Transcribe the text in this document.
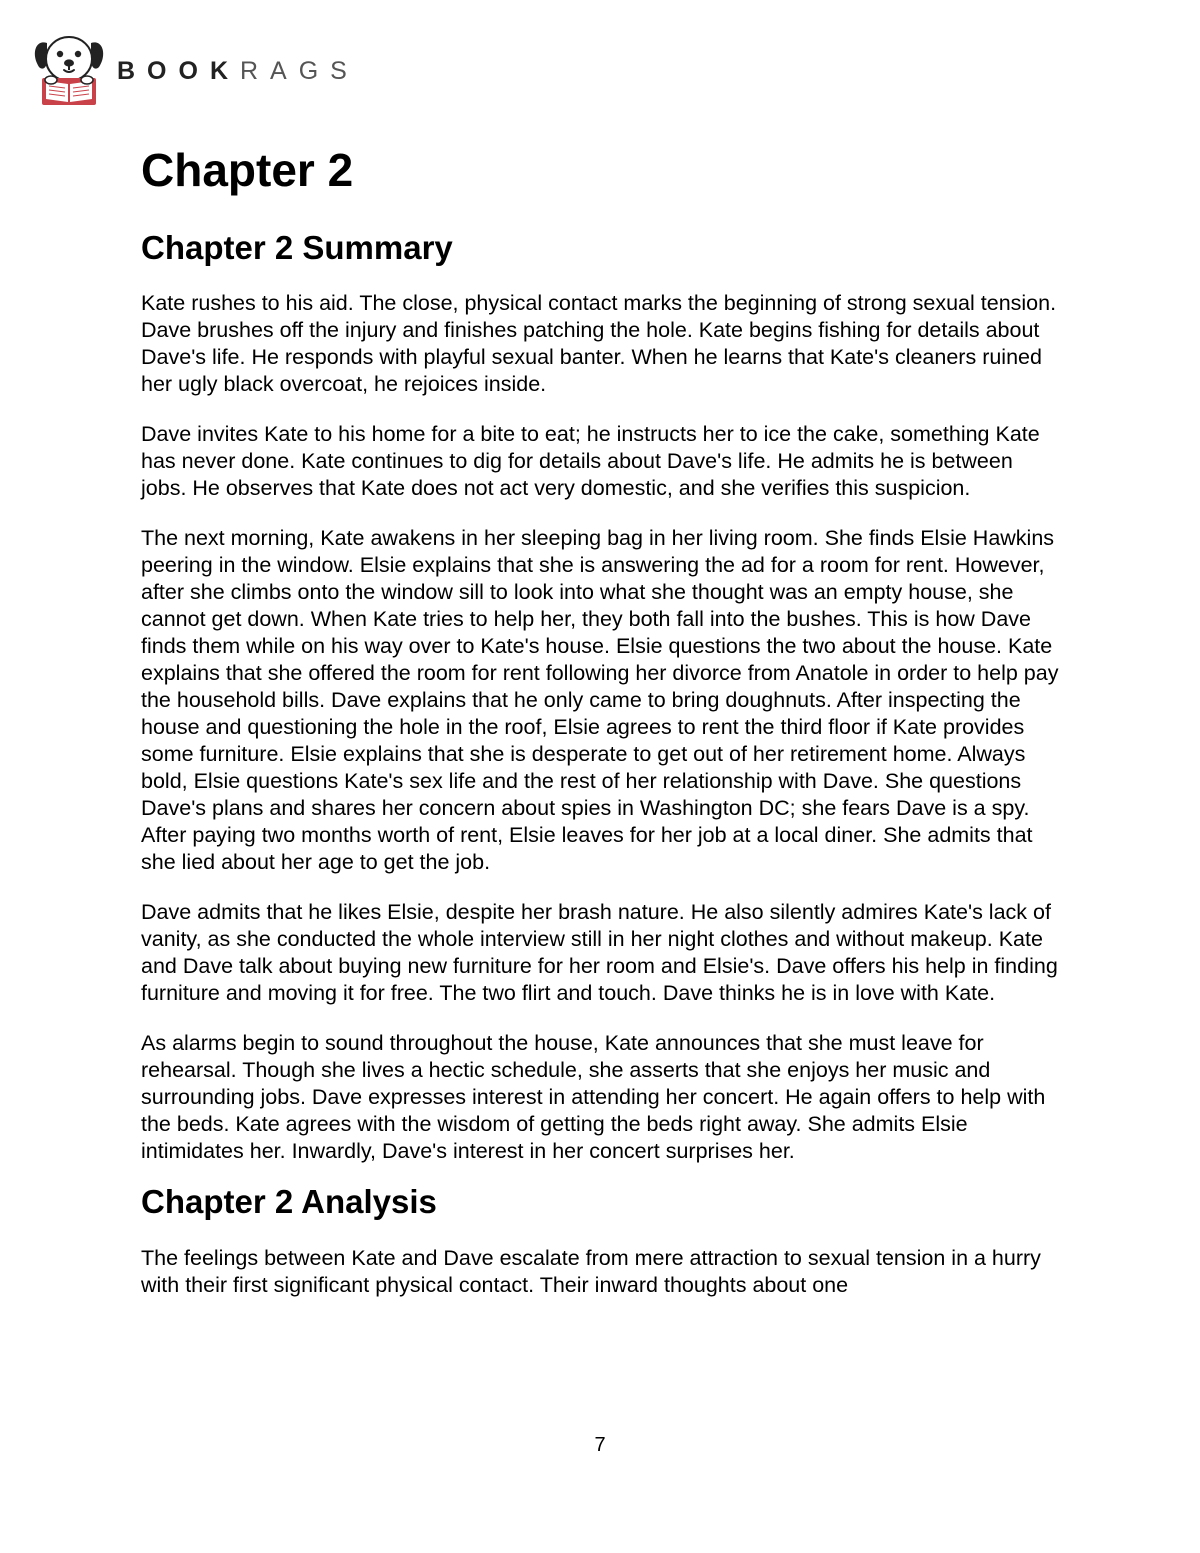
BOOKRAGS
Chapter 2
Chapter 2 Summary

Kate rushes to his aid. The close, physical contact marks the beginning of strong sexual tension. Dave brushes off the injury and finishes patching the hole. Kate begins fishing for details about Dave's life. He responds with playful sexual banter. When he learns that Kate's cleaners ruined her ugly black overcoat, he rejoices inside.

Dave invites Kate to his home for a bite to eat; he instructs her to ice the cake, something Kate has never done. Kate continues to dig for details about Dave's life. He admits he is between jobs. He observes that Kate does not act very domestic, and she verifies this suspicion.

The next morning, Kate awakens in her sleeping bag in her living room. She finds Elsie Hawkins peering in the window. Elsie explains that she is answering the ad for a room for rent. However, after she climbs onto the window sill to look into what she thought was an empty house, she cannot get down. When Kate tries to help her, they both fall into the bushes. This is how Dave finds them while on his way over to Kate's house. Elsie questions the two about the house. Kate explains that she offered the room for rent following her divorce from Anatole in order to help pay the household bills. Dave explains that he only came to bring doughnuts. After inspecting the house and questioning the hole in the roof, Elsie agrees to rent the third floor if Kate provides some furniture. Elsie explains that she is desperate to get out of her retirement home. Always bold, Elsie questions Kate's sex life and the rest of her relationship with Dave. She questions Dave's plans and shares her concern about spies in Washington DC; she fears Dave is a spy. After paying two months worth of rent, Elsie leaves for her job at a local diner. She admits that she lied about her age to get the job.

Dave admits that he likes Elsie, despite her brash nature. He also silently admires Kate's lack of vanity, as she conducted the whole interview still in her night clothes and without makeup. Kate and Dave talk about buying new furniture for her room and Elsie's. Dave offers his help in finding furniture and moving it for free. The two flirt and touch. Dave thinks he is in love with Kate.

As alarms begin to sound throughout the house, Kate announces that she must leave for rehearsal. Though she lives a hectic schedule, she asserts that she enjoys her music and surrounding jobs. Dave expresses interest in attending her concert. He again offers to help with the beds. Kate agrees with the wisdom of getting the beds right away. She admits Elsie intimidates her. Inwardly, Dave's interest in her concert surprises her.

Chapter 2 Analysis

The feelings between Kate and Dave escalate from mere attraction to sexual tension in a hurry with their first significant physical contact. Their inward thoughts about one

7
